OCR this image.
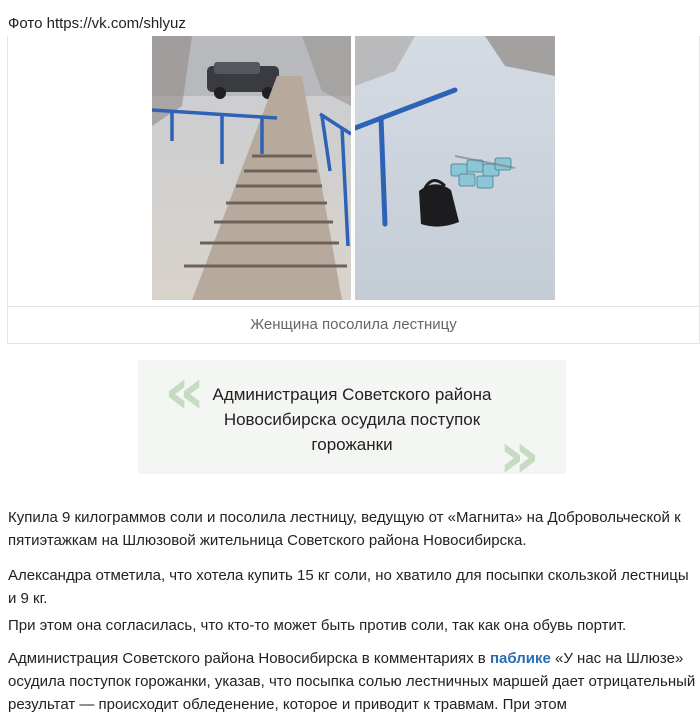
Фото https://vk.com/shlyuz
Женщина посолила лестницу
« Администрация Советского района Новосибирска осудила поступок горожанки	»

Купила 9 килограммов соли и посолила лестницу, ведущую от «Магнита» на Добровольческой к пятиэтажкам на Шлюзовой жительница Советского района Новосибирска.

Александра отметила, что хотела купить 15 кг соли, но хватило для посыпки скользкой лестницы и 9 кг.

При этом она согласилась, что кто-то может быть против соли, так как она обувь портит.

Администрация Советского района Новосибирска в комментариях в паблике «У нас на Шлюзе» осудила поступок горожанки, указав, что посыпка солью лестничных маршей дает отрицательный результат — происходит обледенение, которое и приводит к травмам. При этом
